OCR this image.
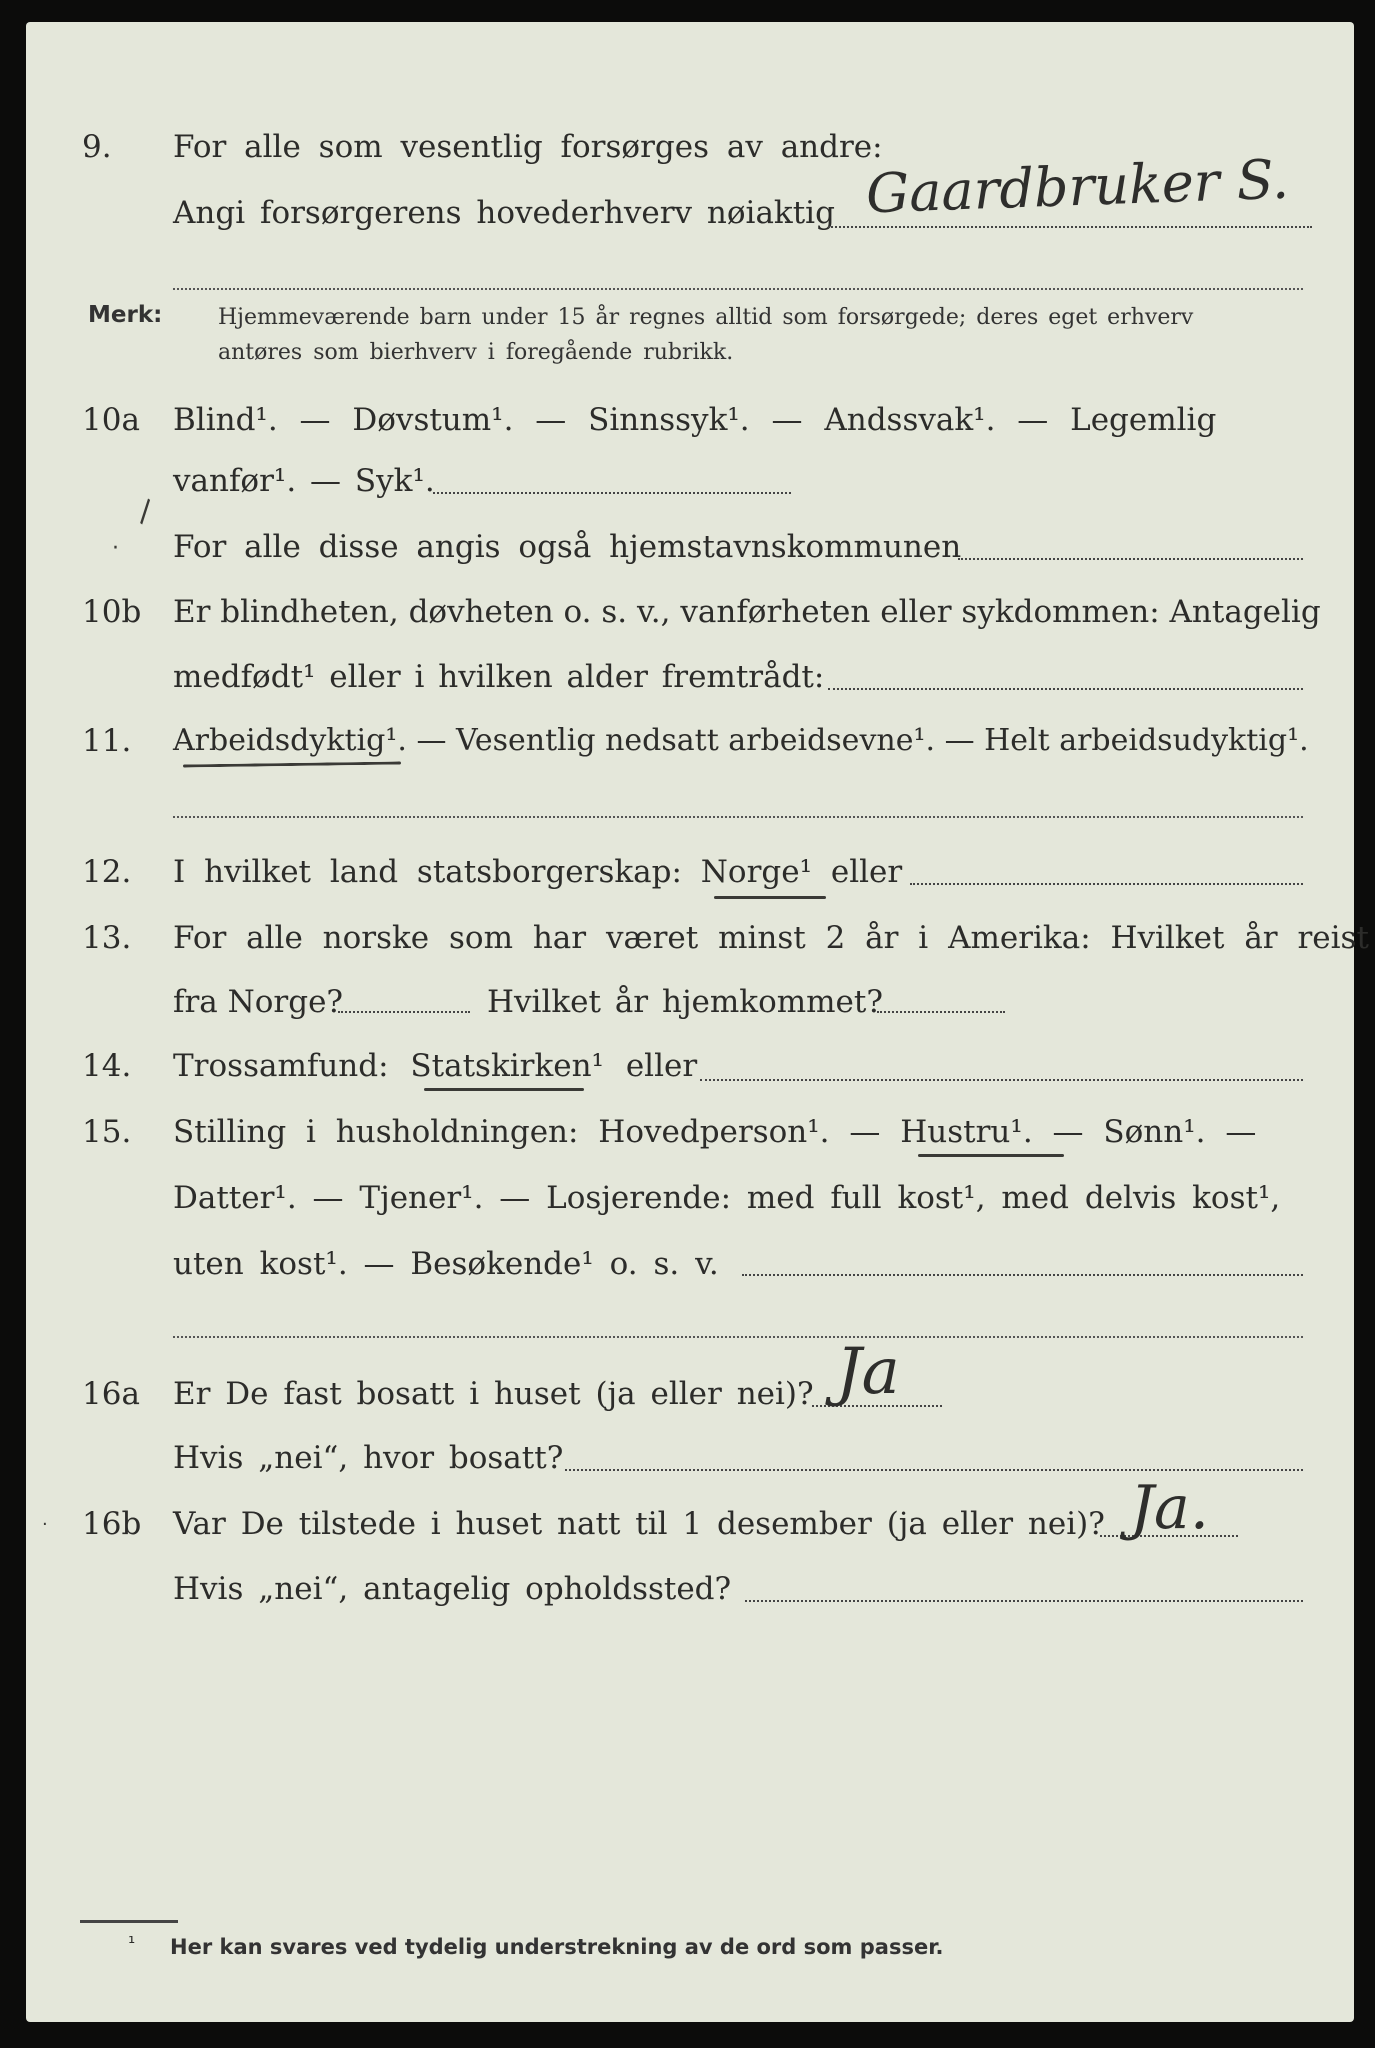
9. For alle som vesentlig forsørges av andre:
Angi forsørgerens hovederhverv nøiaktig Gaardbruker S.
Merk:	Hjemmeværende barn under 15 år regnes alltid som forsørgede; deres eget erhverv
antøres som bierhverv i foregående rubrikk.
10a Blind¹. — Døvstum¹. — Sinnssyk¹. — Andssvak¹. — Legemlig
vanfør¹. — Syk¹.
\
· For alle disse angis også hjemstavnskommunen
10b Er blindheten, døvheten o. s. v., vanførheten eller sykdommen: Antagelig
medfødt¹ eller i hvilken alder fremtrådt:
11. Arbeidsdyktig¹. — Vesentlig nedsatt arbeidsevne¹. — Helt arbeidsudyktig¹.
12. I hvilket land statsborgerskap: Norge¹ eller
13. For alle norske som har været minst 2 år i Amerika: Hvilket år reist
fra Norge?	Hvilket år hjemkommet?
14. Trossamfund: Statskirken¹ eller
15. Stilling i husholdningen: Hovedperson¹. — Hustru¹. — Sønn¹. —
Datter¹. — Tjener¹. — Losjerende: med full kost¹, med delvis kost¹,
uten kost¹. — Besøkende¹ o. s. v.
16a Er De fast bosatt i huset (ja eller nei)? Ja
Hvis „nei“, hvor bosatt?
· 16b Var De tilstede i huset natt til 1 desember (ja eller nei)? Ja.
Hvis „nei“, antagelig opholdssted?
¹ Her kan svares ved tydelig understrekning av de ord som passer.
